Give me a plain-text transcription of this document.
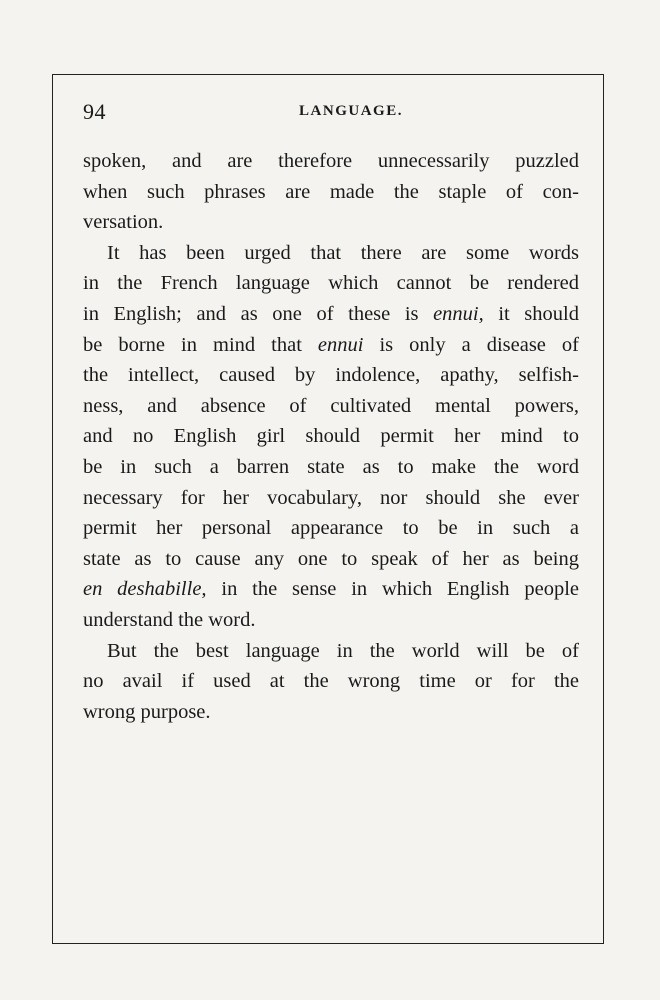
94	LANGUAGE.
spoken, and are therefore unnecessarily puzzled
when such phrases are made the staple of con-
versation.
It has been urged that there are some words
in the French language which cannot be rendered
in English; and as one of these is ennui, it should
be borne in mind that ennui is only a disease of
the intellect, caused by indolence, apathy, selfish-
ness, and absence of cultivated mental powers,
and no English girl should permit her mind to
be in such a barren state as to make the word
necessary for her vocabulary, nor should she ever
permit her personal appearance to be in such a
state as to cause any one to speak of her as being
en deshabille, in the sense in which English people
understand the word.
But the best language in the world will be of
no avail if used at the wrong time or for the
wrong purpose.
